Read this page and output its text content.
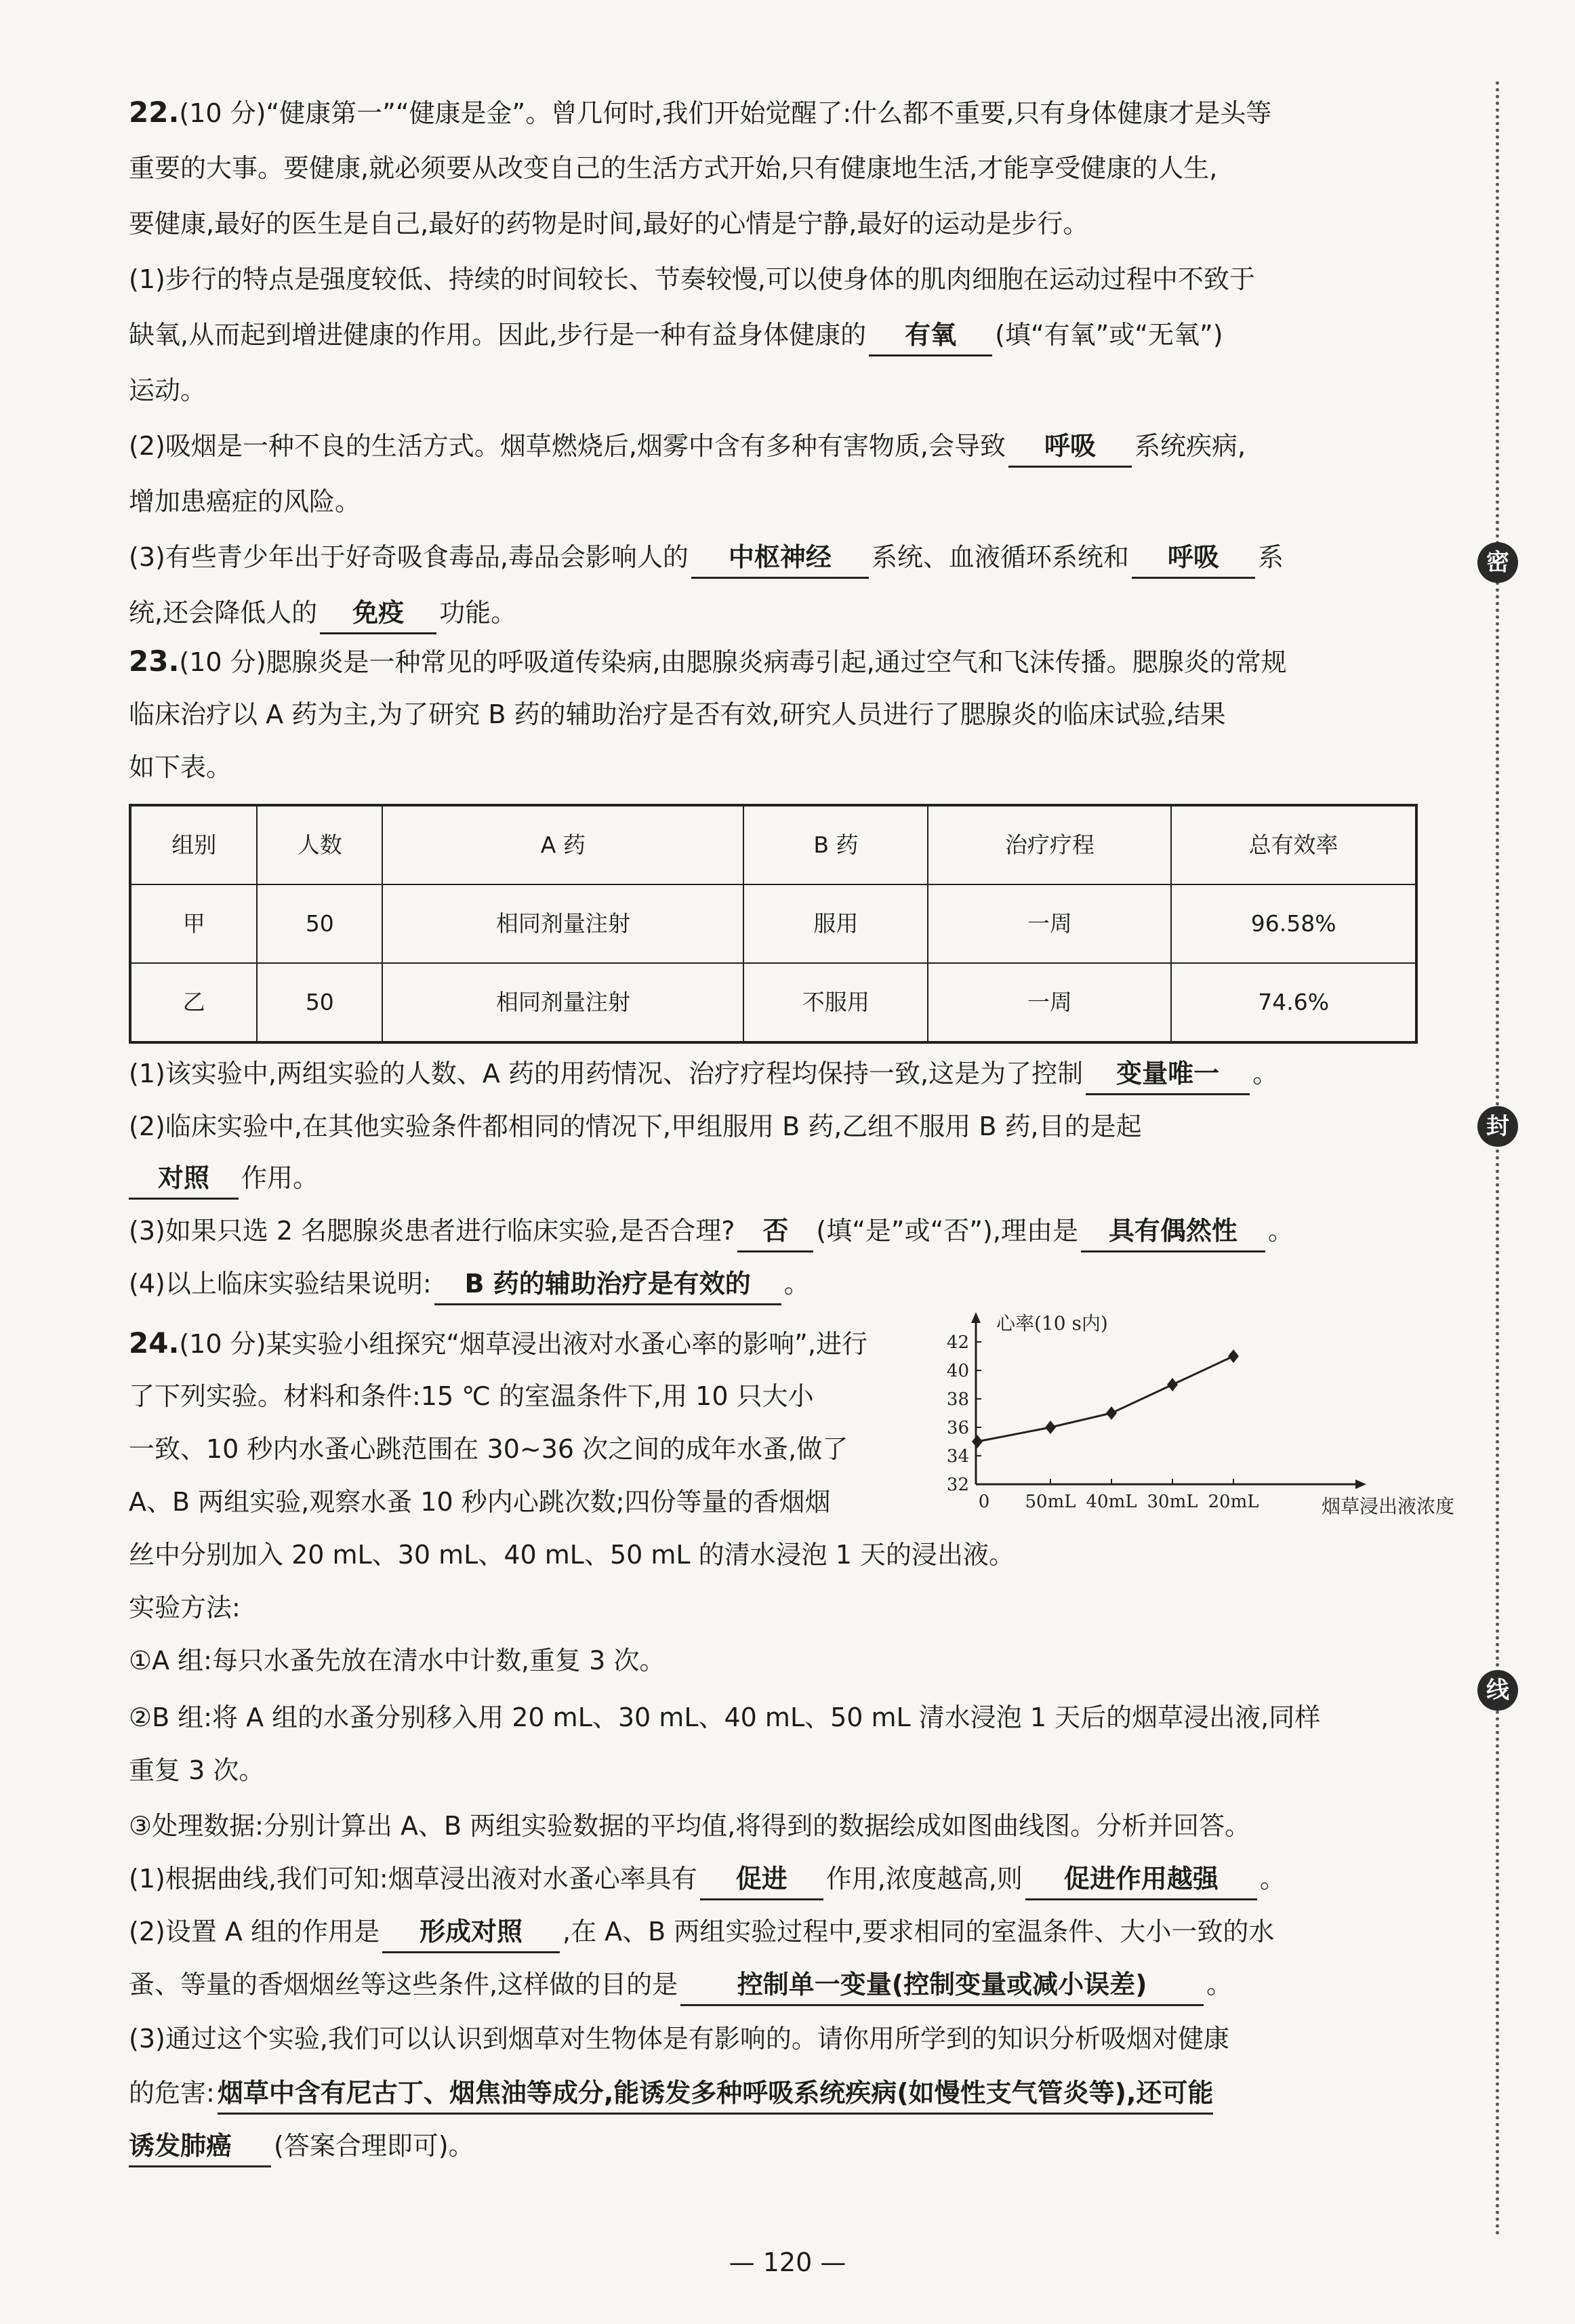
22.(10 分)“健康第一”“健康是金”。曾几何时,我们开始觉醒了:什么都不重要,只有身体健康才是头等
重要的大事。要健康,就必须要从改变自己的生活方式开始,只有健康地生活,才能享受健康的人生,
要健康,最好的医生是自己,最好的药物是时间,最好的心情是宁静,最好的运动是步行。
(1)步行的特点是强度较低、持续的时间较长、节奏较慢,可以使身体的肌肉细胞在运动过程中不致于
缺氧,从而起到增进健康的作用。因此,步行是一种有益身体健康的 有氧 (填“有氧”或“无氧”)
运动。
(2)吸烟是一种不良的生活方式。烟草燃烧后,烟雾中含有多种有害物质,会导致 呼吸 系统疾病,
增加患癌症的风险。
(3)有些青少年出于好奇吸食毒品,毒品会影响人的 中枢神经 系统、血液循环系统和 呼吸 系
统,还会降低人的 免疫 功能。
23.(10 分)腮腺炎是一种常见的呼吸道传染病,由腮腺炎病毒引起,通过空气和飞沫传播。腮腺炎的常规
临床治疗以 A 药为主,为了研究 B 药的辅助治疗是否有效,研究人员进行了腮腺炎的临床试验,结果
如下表。
组别	人数	A 药	B 药	治疗疗程	总有效率
甲	50	相同剂量注射	服用	一周	96.58%
乙	50	相同剂量注射	不服用	一周	74.6%
(1)该实验中,两组实验的人数、A 药的用药情况、治疗疗程均保持一致,这是为了控制 变量唯一 。
(2)临床实验中,在其他实验条件都相同的情况下,甲组服用 B 药,乙组不服用 B 药,目的是起
对照 作用。
(3)如果只选 2 名腮腺炎患者进行临床实验,是否合理? 否 (填“是”或“否”),理由是 具有偶然性 。
(4)以上临床实验结果说明: B 药的辅助治疗是有效的 。
24.(10 分)某实验小组探究“烟草浸出液对水蚤心率的影响”,进行
了下列实验。材料和条件:15 ℃ 的室温条件下,用 10 只大小
一致、10 秒内水蚤心跳范围在 30~36 次之间的成年水蚤,做了
A、B 两组实验,观察水蚤 10 秒内心跳次数;四份等量的香烟烟
丝中分别加入 20 mL、30 mL、40 mL、50 mL 的清水浸泡 1 天的浸出液。
实验方法:
①A 组:每只水蚤先放在清水中计数,重复 3 次。
②B 组:将 A 组的水蚤分别移入用 20 mL、30 mL、40 mL、50 mL 清水浸泡 1 天后的烟草浸出液,同样
重复 3 次。
③处理数据:分别计算出 A、B 两组实验数据的平均值,将得到的数据绘成如图曲线图。分析并回答。
(1)根据曲线,我们可知:烟草浸出液对水蚤心率具有 促进 作用,浓度越高,则 促进作用越强 。
(2)设置 A 组的作用是 形成对照 ,在 A、B 两组实验过程中,要求相同的室温条件、大小一致的水
蚤、等量的香烟烟丝等这些条件,这样做的目的是 控制单一变量(控制变量或减小误差) 。
(3)通过这个实验,我们可以认识到烟草对生物体是有影响的。请你用所学到的知识分析吸烟对健康
的危害: 烟草中含有尼古丁、烟焦油等成分,能诱发多种呼吸系统疾病(如慢性支气管炎等),还可能
诱发肺癌 (答案合理即可)。
32
34
36
38
40
42
0 50mL 40mL 30mL 20mL
心率(10 s内)
烟草浸出液浓度
密
封
线
— 120 —
